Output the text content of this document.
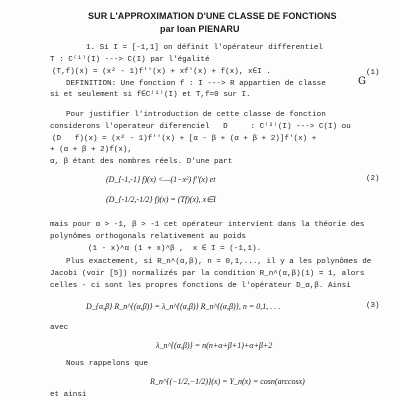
SUR L'APPROXIMATION D'UNE CLASSE DE FONCTIONS
par Ioan PIENARU
1. Si I = [-1,1] on définit l'opérateur differentiel
T : C⁽¹⁾(I) ---> C(I) par l'égalité
(T,f)(x) = (x² - 1)f''(x) + xf'(x) + f(x), x∈I .	(1)
DEFINITION: Une fonction f : I ---> R appartien de classe	G
si et seulement si f∈C⁽¹⁾(I) et T,f=0 sur I.
Pour justifier l'introduction de cette classe de fonction
considerons l'operateur diferenciel   D     : C⁽²⁾(I) ---> C(I) ou
(D   f)(x) = (x² - 1)f''(x) + [α - β + (α + β + 2)]f'(x) +
+ (α + β + 2)f(x),
α, β étant des nombres réels. D'une part
(D_{-1,-1} f)(x) <—(1−x²) f''(x) et	(2)
(D_{-1/2,-1/2} f)(x) = (Tf)(x), x∈I
mais pour α > -1, β > -1 cet opérateur intervient dans la théorie des
polynômes orthogonals relativement au poids
(1 - x)^α (1 + x)^β ,  x ∈ I = (-1,1).
Plus exactement, si R_n^(α,β), n = 0,1,..., il y a les polynômes de
Jacobi (voir [5]) normalizés par la condition R_n^(α,β)(1) = 1, alors
celles - ci sont les propres fonctions de l'opérateur D_α,β. Ainsi
D_{α,β} R_n^{(α,β)} = λ_n^{(α,β)} R_n^{(α,β)}, n = 0,1, . . .	(3)
avec
λ_n^{(α,β)} = n(n+α+β+1)+α+β+2
Nous rappelons que
R_n^{(−1/2,−1/2)}(x) = Y_n(x) = cosn(arccosx)
et ainsi
